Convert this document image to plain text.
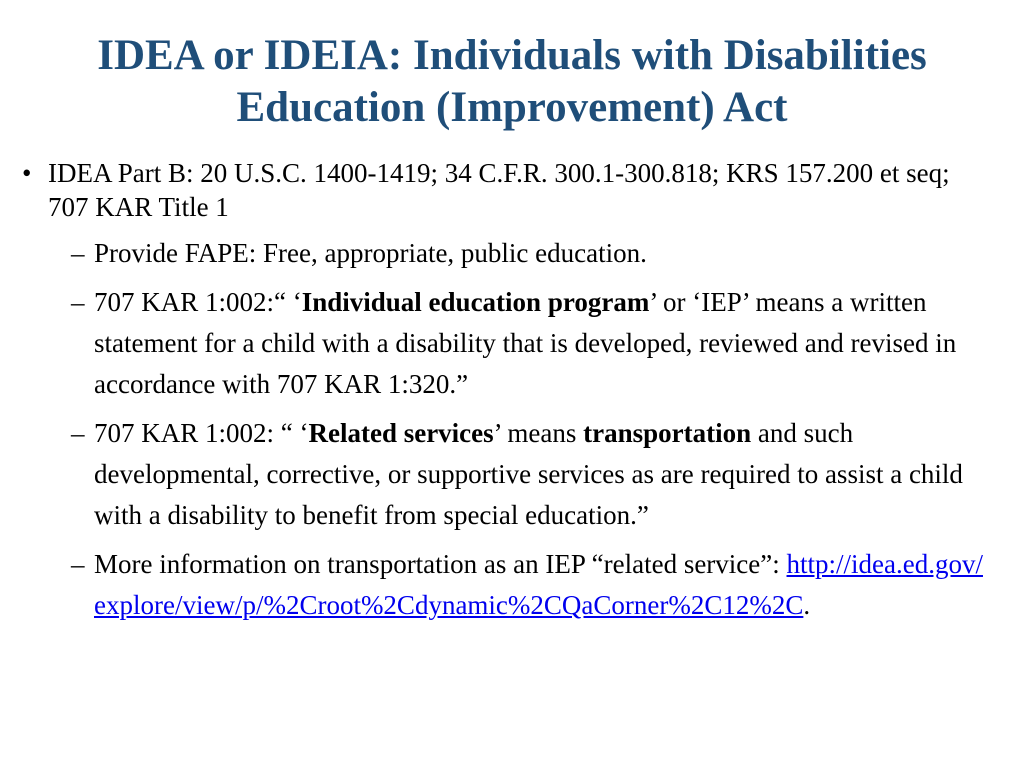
IDEA or IDEIA: Individuals with Disabilities
Education (Improvement) Act
• IDEA Part B: 20 U.S.C. 1400-1419; 34 C.F.R. 300.1-300.818; KRS 157.200 et seq; 707 KAR Title 1
– Provide FAPE: Free, appropriate, public education.
– 707 KAR 1:002:“ ‘Individual education program’ or ‘IEP’ means a written statement for a child with a disability that is developed, reviewed and revised in accordance with 707 KAR 1:320.”
– 707 KAR 1:002: “ ‘Related services’ means transportation and such developmental, corrective, or supportive services as are required to assist a child with a disability to benefit from special education.”
– More information on transportation as an IEP “related service”: http://idea.ed.gov/explore/view/p/%2Croot%2Cdynamic%2CQaCorner%2C12%2C.
